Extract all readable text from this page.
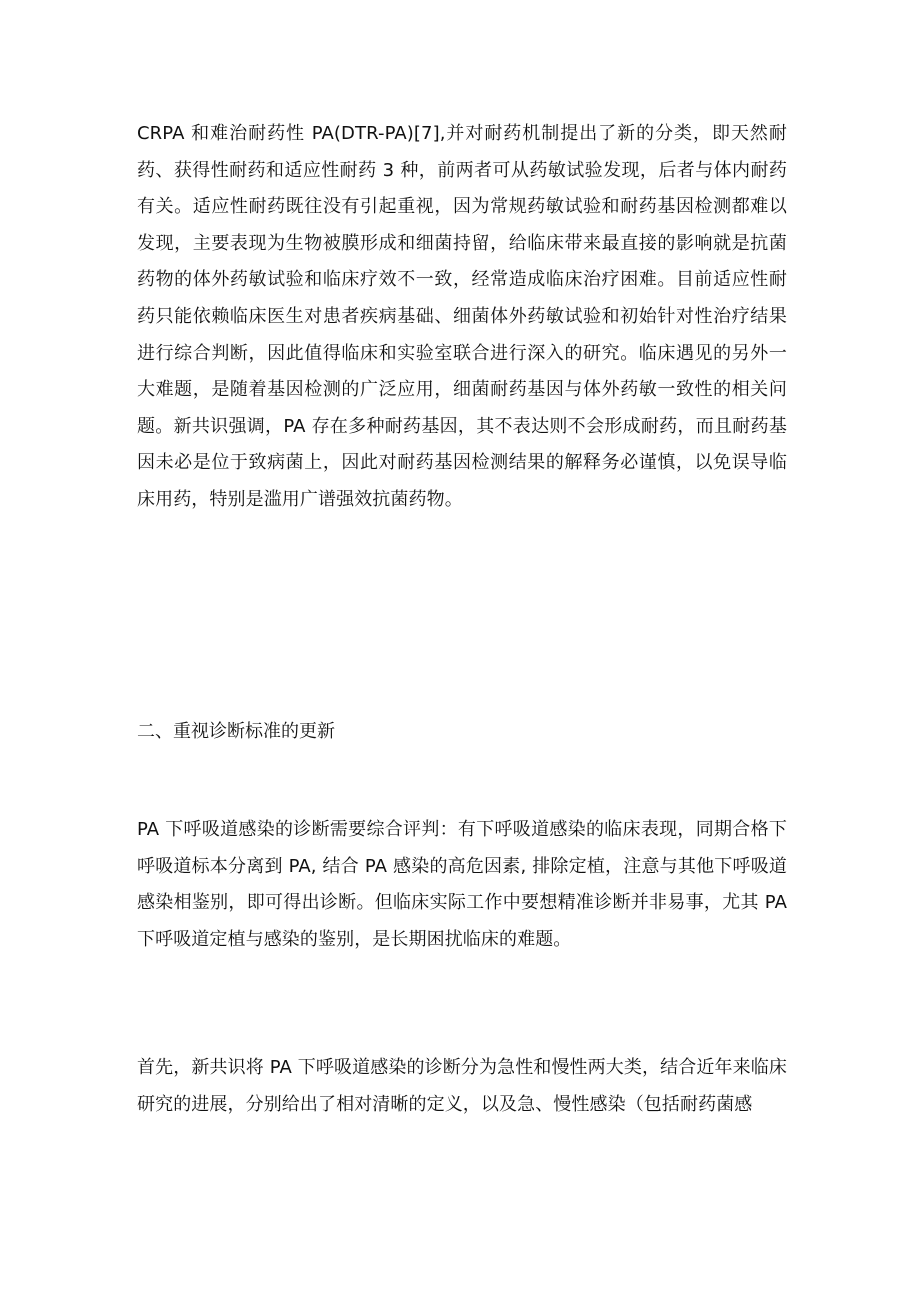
CRPA 和难治耐药性 PA(DTR-PA)[7],并对耐药机制提出了新的分类，即天然耐药、获得性耐药和适应性耐药 3 种，前两者可从药敏试验发现，后者与体内耐药有关。适应性耐药既往没有引起重视，因为常规药敏试验和耐药基因检测都难以发现，主要表现为生物被膜形成和细菌持留，给临床带来最直接的影响就是抗菌药物的体外药敏试验和临床疗效不一致，经常造成临床治疗困难。目前适应性耐药只能依赖临床医生对患者疾病基础、细菌体外药敏试验和初始针对性治疗结果进行综合判断，因此值得临床和实验室联合进行深入的研究。临床遇见的另外一大难题，是随着基因检测的广泛应用，细菌耐药基因与体外药敏一致性的相关问题。新共识强调，PA 存在多种耐药基因，其不表达则不会形成耐药，而且耐药基因未必是位于致病菌上，因此对耐药基因检测结果的解释务必谨慎，以免误导临床用药，特别是滥用广谱强效抗菌药物。

二、重视诊断标准的更新

PA 下呼吸道感染的诊断需要综合评判：有下呼吸道感染的临床表现，同期合格下呼吸道标本分离到 PA, 结合 PA 感染的高危因素, 排除定植，注意与其他下呼吸道感染相鉴别，即可得出诊断。但临床实际工作中要想精准诊断并非易事，尤其 PA 下呼吸道定植与感染的鉴别，是长期困扰临床的难题。

首先，新共识将 PA 下呼吸道感染的诊断分为急性和慢性两大类，结合近年来临床研究的进展，分别给出了相对清晰的定义，以及急、慢性感染（包括耐药菌感
